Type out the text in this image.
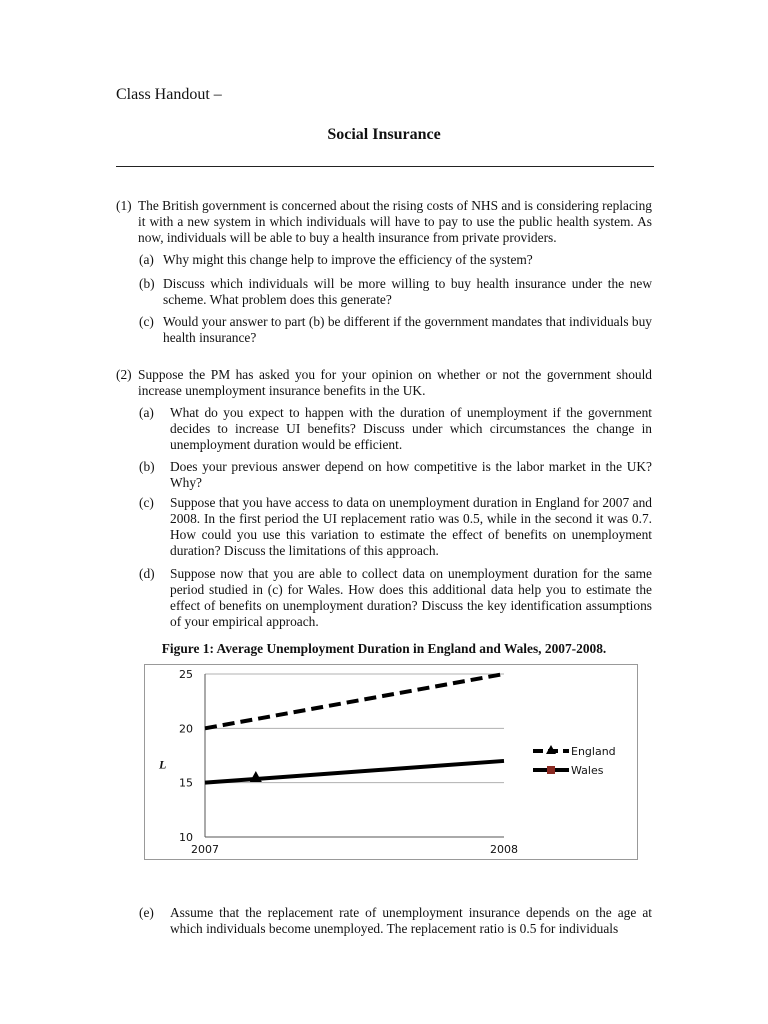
Class Handout –
Social Insurance
(1) The British government is concerned about the rising costs of NHS and is considering replacing it with a new system in which individuals will have to pay to use the public health system. As now, individuals will be able to buy a health insurance from private providers.
(a) Why might this change help to improve the efficiency of the system?
(b) Discuss which individuals will be more willing to buy health insurance under the new scheme. What problem does this generate?
(c) Would your answer to part (b) be different if the government mandates that individuals buy health insurance?
(2) Suppose the PM has asked you for your opinion on whether or not the government should increase unemployment insurance benefits in the UK.
(a) What do you expect to happen with the duration of unemployment if the government decides to increase UI benefits? Discuss under which circumstances the change in unemployment duration would be efficient.
(b) Does your previous answer depend on how competitive is the labor market in the UK? Why?
(c) Suppose that you have access to data on unemployment duration in England for 2007 and 2008. In the first period the UI replacement ratio was 0.5, while in the second it was 0.7. How could you use this variation to estimate the effect of benefits on unemployment duration? Discuss the limitations of this approach.
(d) Suppose now that you are able to collect data on unemployment duration for the same period studied in (c) for Wales. How does this additional data help you to estimate the effect of benefits on unemployment duration? Discuss the key identification assumptions of your empirical approach.
Figure 1: Average Unemployment Duration in England and Wales, 2007-2008.
10
15
20
25
2007	2008
L
England
Wales
(e) Assume that the replacement rate of unemployment insurance depends on the age at which individuals become unemployed. The replacement ratio is 0.5 for individuals
